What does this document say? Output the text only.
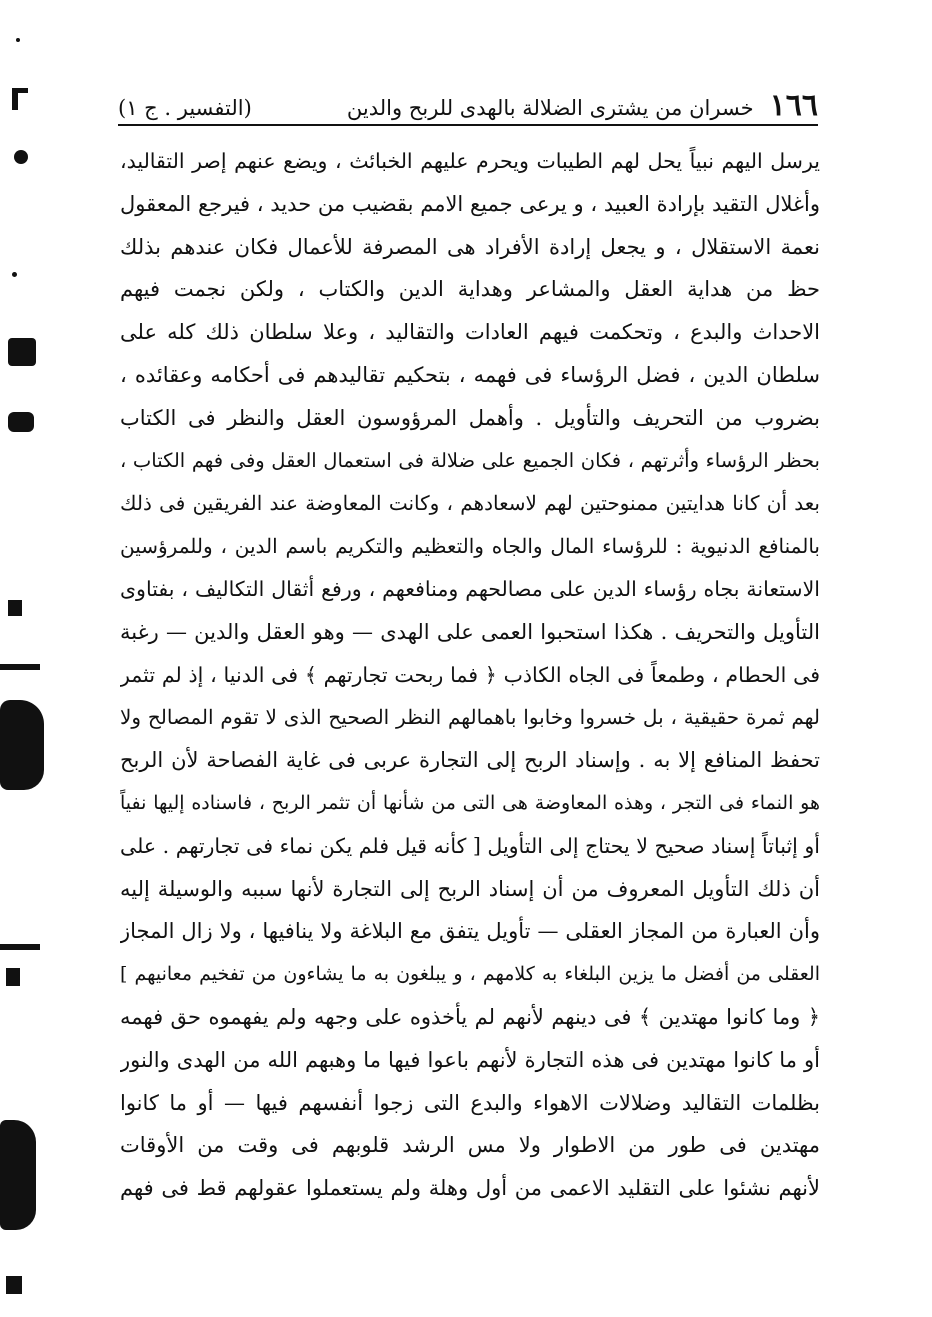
١٦٦
خسران من يشترى الضلالة بالهدى للربح والدين
(التفسير . ج ١)
يرسل اليهم نبياً يحل لهم الطيبات ويحرم عليهم الخبائث ، ويضع عنهم إصر التقاليد،
وأغلال التقيد بإرادة العبيد ، و يرعى جميع الامم بقضيب من حديد ، فيرجع المعقول
نعمة الاستقلال ، و يجعل إرادة الأفراد هى المصرفة للأعمال فكان عندهم بذلك
حظ من هداية العقل والمشاعر وهداية الدين والكتاب ، ولكن نجمت فيهم
الاحداث والبدع ، وتحكمت فيهم العادات والتقاليد ، وعلا سلطان ذلك كله على
سلطان الدين ، فضل الرؤساء فى فهمه ، بتحكيم تقاليدهم فى أحكامه وعقائده ،
بضروب من التحريف والتأويل . وأهمل المرؤوسون العقل والنظر فى الكتاب
بحظر الرؤساء وأثرتهم ، فكان الجميع على ضلالة فى استعمال العقل وفى فهم الكتاب ،
بعد أن كانا هدايتين ممنوحتين لهم لاسعادهم ، وكانت المعاوضة عند الفريقين فى ذلك
بالمنافع الدنيوية : للرؤساء المال والجاه والتعظيم والتكريم باسم الدين ، وللمرؤسين
الاستعانة بجاه رؤساء الدين على مصالحهم ومنافعهم ، ورفع أثقال التكاليف ، بفتاوى
التأويل والتحريف . هكذا استحبوا العمى على الهدى — وهو العقل والدين — رغبة
فى الحطام ، وطمعاً فى الجاه الكاذب ﴿ فما ربحت تجارتهم ﴾ فى الدنيا ، إذ لم تثمر
لهم ثمرة حقيقية ، بل خسروا وخابوا باهمالهم النظر الصحيح الذى لا تقوم المصالح ولا
تحفظ المنافع إلا به . وإسناد الربح إلى التجارة عربى فى غاية الفصاحة لأن الربح
هو النماء فى التجر ، وهذه المعاوضة هى التى من شأنها أن تثمر الربح ، فاسناده إليها نفياً
أو إثباتاً إسناد صحيح لا يحتاج إلى التأويل [ كأنه قيل فلم يكن نماء فى تجارتهم . على
أن ذلك التأويل المعروف من أن إسناد الربح إلى التجارة لأنها سببه والوسيلة إليه
وأن العبارة من المجاز العقلى — تأويل يتفق مع البلاغة ولا ينافيها ، ولا زال المجاز
العقلى من أفضل ما يزين البلغاء به كلامهم ، و يبلغون به ما يشاءون من تفخيم معانيهم ]
﴿ وما كانوا مهتدين ﴾ فى دينهم لأنهم لم يأخذوه على وجهه ولم يفهموه حق فهمه
أو ما كانوا مهتدين فى هذه التجارة لأنهم باعوا فيها ما وهبهم الله من الهدى والنور
بظلمات التقاليد وضلالات الاهواء والبدع التى زجوا أنفسهم فيها — أو ما كانوا
مهتدين فى طور من الاطوار ولا مس الرشد قلوبهم فى وقت من الأوقات
لأنهم نشئوا على التقليد الاعمى من أول وهلة ولم يستعملوا عقولهم قط فى فهم
